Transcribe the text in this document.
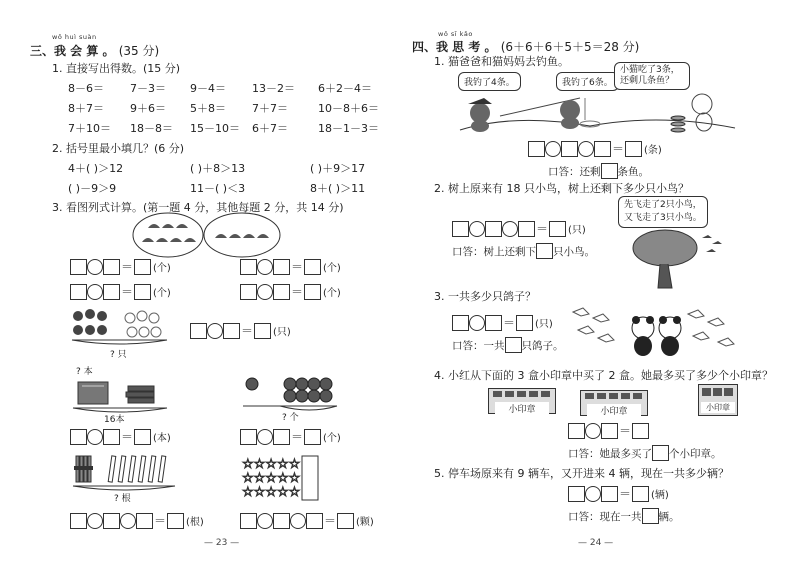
wǒ huì suàn
三、我 会 算 。 (35 分)
1. 直接写出得数。(15 分)
8－6＝ 7－3＝ 9－4＝ 13－2＝ 6＋2－4＝
8＋7＝ 9＋6＝ 5＋8＝ 7＋7＝	10－8＋6＝
7＋10＝ 18－8＝ 15－10＝ 6＋7＝	18－1－3＝
2. 括号里最小填几？(6 分)
4＋( )＞12	( )＋8＞13	( )＋9＞17
( )－9＞9	11－( )＜3	8＋( )＞11
3. 看图列式计算。(第一题 4 分，其他每题 2 分，共 14 分)
＝ (个)	＝ (个)
＝ (个)	＝ (个)
? 只
＝ (只)
? 本
16本	? 个
＝ (本)	＝ (个)
? 根
☆☆☆☆☆
☆☆☆☆☆
☆☆☆☆☆
＝ (根)	＝ (颗)
— 23 —
wǒ sī kǎo
四、我 思 考 。 (6＋6＋6＋5＋5＝28 分)
1. 猫爸爸和猫妈妈去钓鱼。
我钓了4条。	我钓了6条。
小猫吃了3条，还剩几条鱼？
＝ (条)
口答：还剩 条鱼。
2. 树上原来有 18 只小鸟，树上还剩下多少只小鸟？
先飞走了2只小鸟，
又飞走了3只小鸟。
＝ (只)
口答：树上还剩下 只小鸟。
3. 一共多少只鸽子？
＝ (只)
口答：一共 只鸽子。
4. 小红从下面的 3 盒小印章中买了 2 盒。她最多买了多少个小印章？
小印章	小印章	小印章
＝
口答：她最多买了 个小印章。
5. 停车场原来有 9 辆车，又开进来 4 辆，现在一共多少辆？
＝ (辆)
口答：现在一共 辆。
— 24 —
